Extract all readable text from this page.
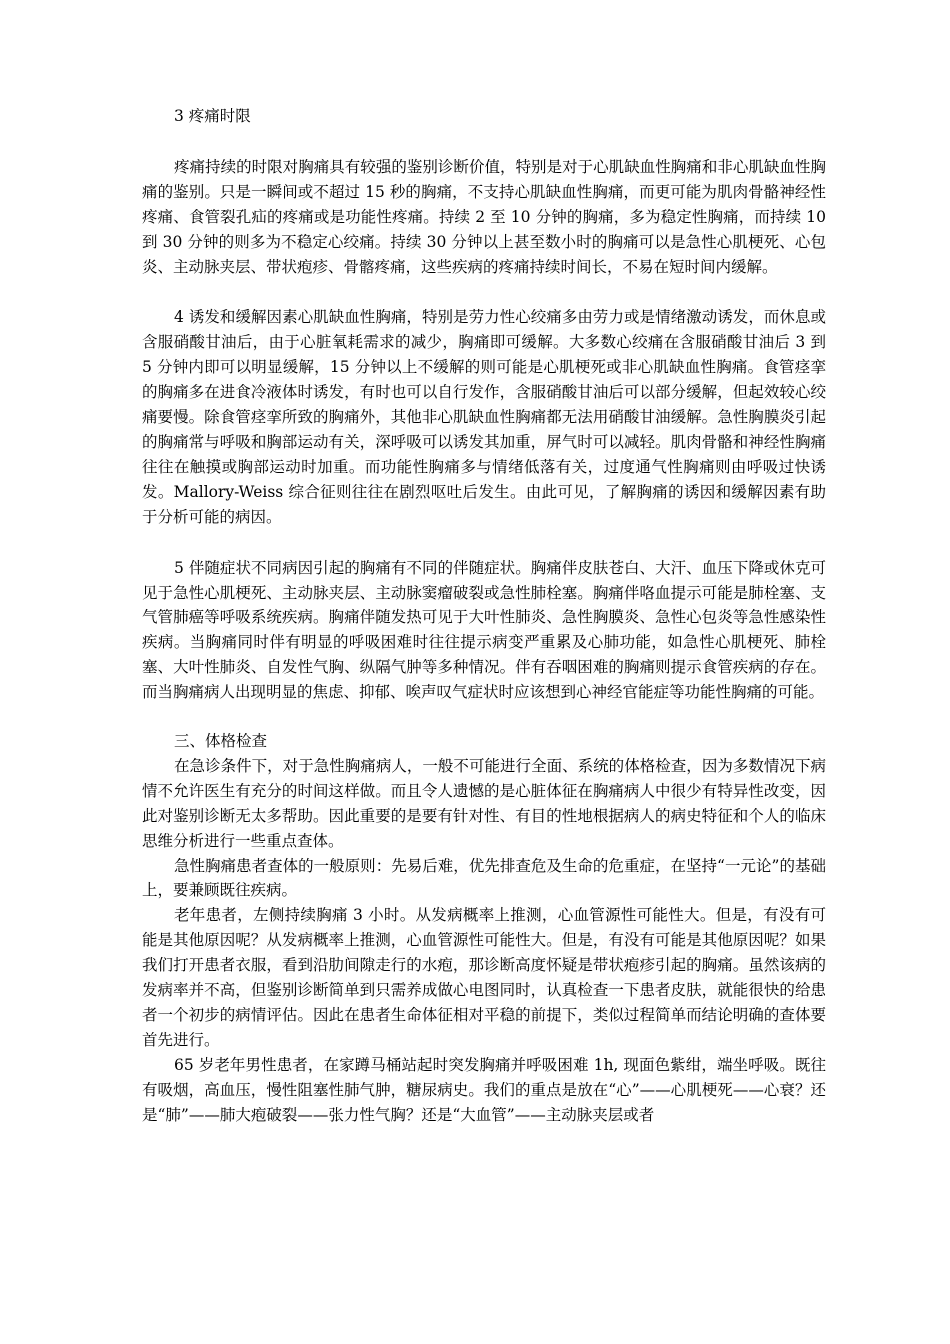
3 疼痛时限

疼痛持续的时限对胸痛具有较强的鉴别诊断价值，特别是对于心肌缺血性胸痛和非心肌缺血性胸痛的鉴别。只是一瞬间或不超过 15 秒的胸痛，不支持心肌缺血性胸痛，而更可能为肌肉骨骼神经性疼痛、食管裂孔疝的疼痛或是功能性疼痛。持续 2 至 10 分钟的胸痛，多为稳定性胸痛，而持续 10 到 30 分钟的则多为不稳定心绞痛。持续 30 分钟以上甚至数小时的胸痛可以是急性心肌梗死、心包炎、主动脉夹层、带状疱疹、骨髂疼痛，这些疾病的疼痛持续时间长，不易在短时间内缓解。

4 诱发和缓解因素心肌缺血性胸痛，特别是劳力性心绞痛多由劳力或是情绪激动诱发，而休息或含服硝酸甘油后，由于心脏氧耗需求的减少，胸痛即可缓解。大多数心绞痛在含服硝酸甘油后 3 到 5 分钟内即可以明显缓解，15 分钟以上不缓解的则可能是心肌梗死或非心肌缺血性胸痛。食管痉挛的胸痛多在进食冷液体时诱发，有时也可以自行发作，含服硝酸甘油后可以部分缓解，但起效较心绞痛要慢。除食管痉挛所致的胸痛外，其他非心肌缺血性胸痛都无法用硝酸甘油缓解。急性胸膜炎引起的胸痛常与呼吸和胸部运动有关，深呼吸可以诱发其加重，屏气时可以减轻。肌肉骨骼和神经性胸痛往往在触摸或胸部运动时加重。而功能性胸痛多与情绪低落有关，过度通气性胸痛则由呼吸过快诱发。Mallory-Weiss 综合征则往往在剧烈呕吐后发生。由此可见，了解胸痛的诱因和缓解因素有助于分析可能的病因。

5 伴随症状不同病因引起的胸痛有不同的伴随症状。胸痛伴皮肤苍白、大汗、血压下降或休克可见于急性心肌梗死、主动脉夹层、主动脉窦瘤破裂或急性肺栓塞。胸痛伴咯血提示可能是肺栓塞、支气管肺癌等呼吸系统疾病。胸痛伴随发热可见于大叶性肺炎、急性胸膜炎、急性心包炎等急性感染性疾病。当胸痛同时伴有明显的呼吸困难时往往提示病变严重累及心肺功能，如急性心肌梗死、肺栓塞、大叶性肺炎、自发性气胸、纵隔气肿等多种情况。伴有吞咽困难的胸痛则提示食管疾病的存在。而当胸痛病人出现明显的焦虑、抑郁、唉声叹气症状时应该想到心神经官能症等功能性胸痛的可能。

三、体格检查

在急诊条件下，对于急性胸痛病人，一般不可能进行全面、系统的体格检查，因为多数情况下病情不允许医生有充分的时间这样做。而且令人遗憾的是心脏体征在胸痛病人中很少有特异性改变，因此对鉴别诊断无太多帮助。因此重要的是要有针对性、有目的性地根据病人的病史特征和个人的临床思维分析进行一些重点查体。

急性胸痛患者查体的一般原则：先易后难，优先排查危及生命的危重症，在坚持“一元论”的基础上，要兼顾既往疾病。

老年患者，左侧持续胸痛 3 小时。从发病概率上推测，心血管源性可能性大。但是，有没有可能是其他原因呢？从发病概率上推测，心血管源性可能性大。但是，有没有可能是其他原因呢？如果我们打开患者衣服，看到沿肋间隙走行的水疱，那诊断高度怀疑是带状疱疹引起的胸痛。虽然该病的发病率并不高，但鉴别诊断简单到只需养成做心电图同时，认真检查一下患者皮肤，就能很快的给患者一个初步的病情评估。因此在患者生命体征相对平稳的前提下，类似过程简单而结论明确的查体要首先进行。

65 岁老年男性患者，在家蹲马桶站起时突发胸痛并呼吸困难 1h, 现面色紫绀，端坐呼吸。既往有吸烟，高血压，慢性阻塞性肺气肿，糖尿病史。我们的重点是放在“心”——心肌梗死——心衰？还是“肺”——肺大疱破裂——张力性气胸？还是“大血管”——主动脉夹层或者
